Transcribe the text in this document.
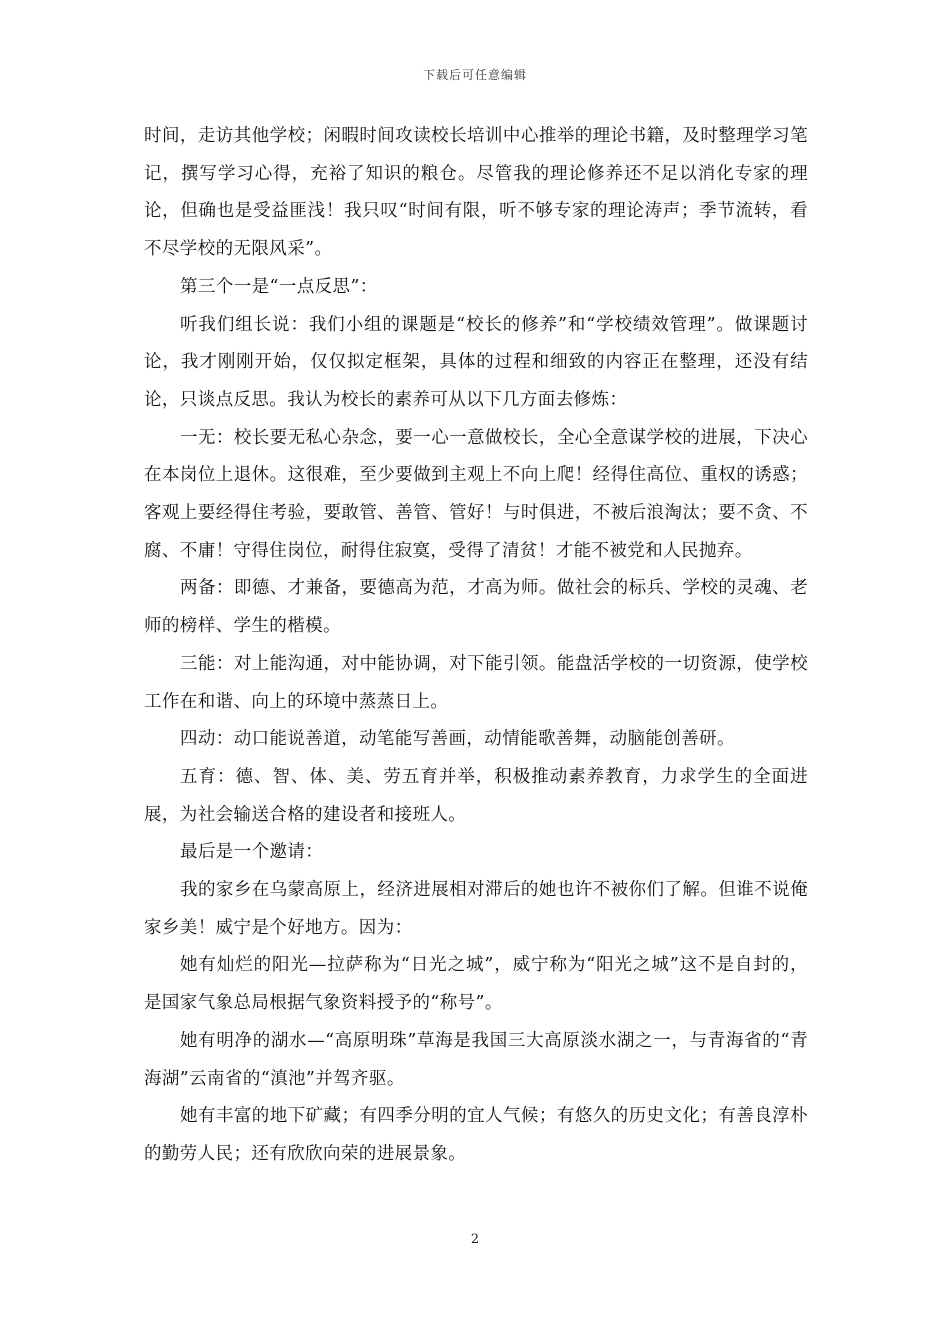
下载后可任意编辑

时间，走访其他学校；闲暇时间攻读校长培训中心推举的理论书籍，及时整理学习笔记，撰写学习心得，充裕了知识的粮仓。尽管我的理论修养还不足以消化专家的理论，但确也是受益匪浅！我只叹“时间有限，听不够专家的理论涛声；季节流转，看不尽学校的无限风采”。

第三个一是“一点反思”：

听我们组长说：我们小组的课题是“校长的修养”和“学校绩效管理”。做课题讨论，我才刚刚开始，仅仅拟定框架，具体的过程和细致的内容正在整理，还没有结论，只谈点反思。我认为校长的素养可从以下几方面去修炼：

一无：校长要无私心杂念，要一心一意做校长，全心全意谋学校的进展，下决心在本岗位上退休。这很难，至少要做到主观上不向上爬！经得住高位、重权的诱惑；客观上要经得住考验，要敢管、善管、管好！与时俱进，不被后浪淘汰；要不贪、不腐、不庸！守得住岗位，耐得住寂寞，受得了清贫！才能不被党和人民抛弃。

两备：即德、才兼备，要德高为范，才高为师。做社会的标兵、学校的灵魂、老师的榜样、学生的楷模。

三能：对上能沟通，对中能协调，对下能引领。能盘活学校的一切资源，使学校工作在和谐、向上的环境中蒸蒸日上。

四动：动口能说善道，动笔能写善画，动情能歌善舞，动脑能创善研。

五育：德、智、体、美、劳五育并举，积极推动素养教育，力求学生的全面进展，为社会输送合格的建设者和接班人。

最后是一个邀请：

我的家乡在乌蒙高原上，经济进展相对滞后的她也许不被你们了解。但谁不说俺家乡美！威宁是个好地方。因为：

她有灿烂的阳光—拉萨称为“日光之城”，威宁称为“阳光之城”这不是自封的，是国家气象总局根据气象资料授予的“称号”。

她有明净的湖水—“高原明珠”草海是我国三大高原淡水湖之一，与青海省的“青海湖”云南省的“滇池”并驾齐驱。

她有丰富的地下矿藏；有四季分明的宜人气候；有悠久的历史文化；有善良淳朴的勤劳人民；还有欣欣向荣的进展景象。

2
